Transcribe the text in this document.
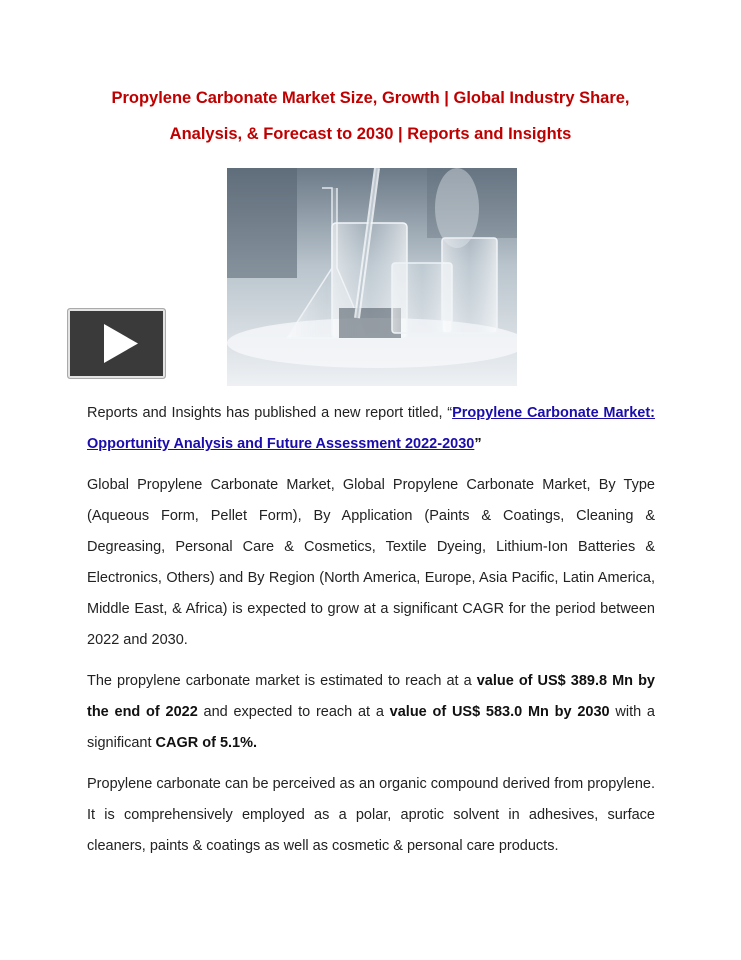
Propylene Carbonate Market Size, Growth | Global Industry Share,
Analysis, & Forecast to 2030 | Reports and Insights

Reports and Insights has published a new report titled, “Propylene Carbonate Market: Opportunity Analysis and Future Assessment 2022-2030”

Global Propylene Carbonate Market, Global Propylene Carbonate Market, By Type (Aqueous Form, Pellet Form), By Application (Paints & Coatings, Cleaning & Degreasing, Personal Care & Cosmetics, Textile Dyeing, Lithium-Ion Batteries & Electronics, Others) and By Region (North America, Europe, Asia Pacific, Latin America, Middle East, & Africa) is expected to grow at a significant CAGR for the period between 2022 and 2030.

The propylene carbonate market is estimated to reach at a value of US$ 389.8 Mn by the end of 2022 and expected to reach at a value of US$ 583.0 Mn by 2030 with a significant CAGR of 5.1%.

Propylene carbonate can be perceived as an organic compound derived from propylene. It is comprehensively employed as a polar, aprotic solvent in adhesives, surface cleaners, paints & coatings as well as cosmetic & personal care products.
